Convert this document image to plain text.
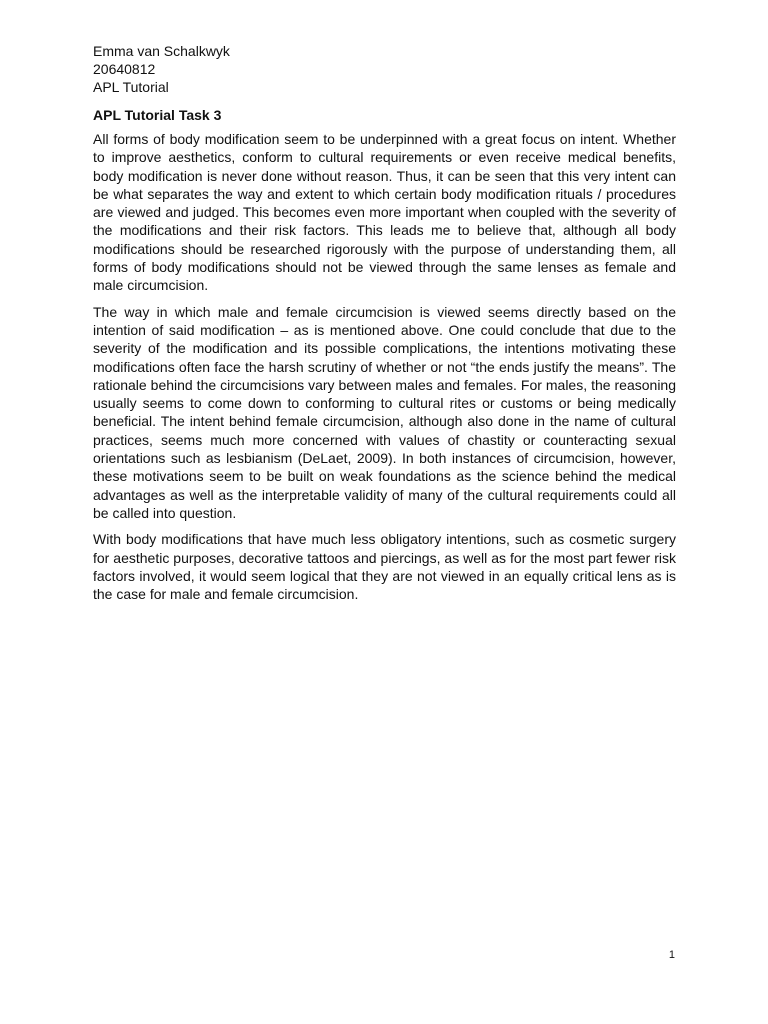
Emma van Schalkwyk

20640812

APL Tutorial

APL Tutorial Task 3

All forms of body modification seem to be underpinned with a great focus on intent. Whether to improve aesthetics, conform to cultural requirements or even receive medical benefits, body modification is never done without reason. Thus, it can be seen that this very intent can be what separates the way and extent to which certain body modification rituals / procedures are viewed and judged. This becomes even more important when coupled with the severity of the modifications and their risk factors. This leads me to believe that, although all body modifications should be researched rigorously with the purpose of understanding them, all forms of body modifications should not be viewed through the same lenses as female and male circumcision.

The way in which male and female circumcision is viewed seems directly based on the intention of said modification – as is mentioned above. One could conclude that due to the severity of the modification and its possible complications, the intentions motivating these modifications often face the harsh scrutiny of whether or not “the ends justify the means”. The rationale behind the circumcisions vary between males and females. For males, the reasoning usually seems to come down to conforming to cultural rites or customs or being medically beneficial. The intent behind female circumcision, although also done in the name of cultural practices, seems much more concerned with values of chastity or counteracting sexual orientations such as lesbianism (DeLaet, 2009). In both instances of circumcision, however, these motivations seem to be built on weak foundations as the science behind the medical advantages as well as the interpretable validity of many of the cultural requirements could all be called into question.

With body modifications that have much less obligatory intentions, such as cosmetic surgery for aesthetic purposes, decorative tattoos and piercings, as well as for the most part fewer risk factors involved, it would seem logical that they are not viewed in an equally critical lens as is the case for male and female circumcision.

1
